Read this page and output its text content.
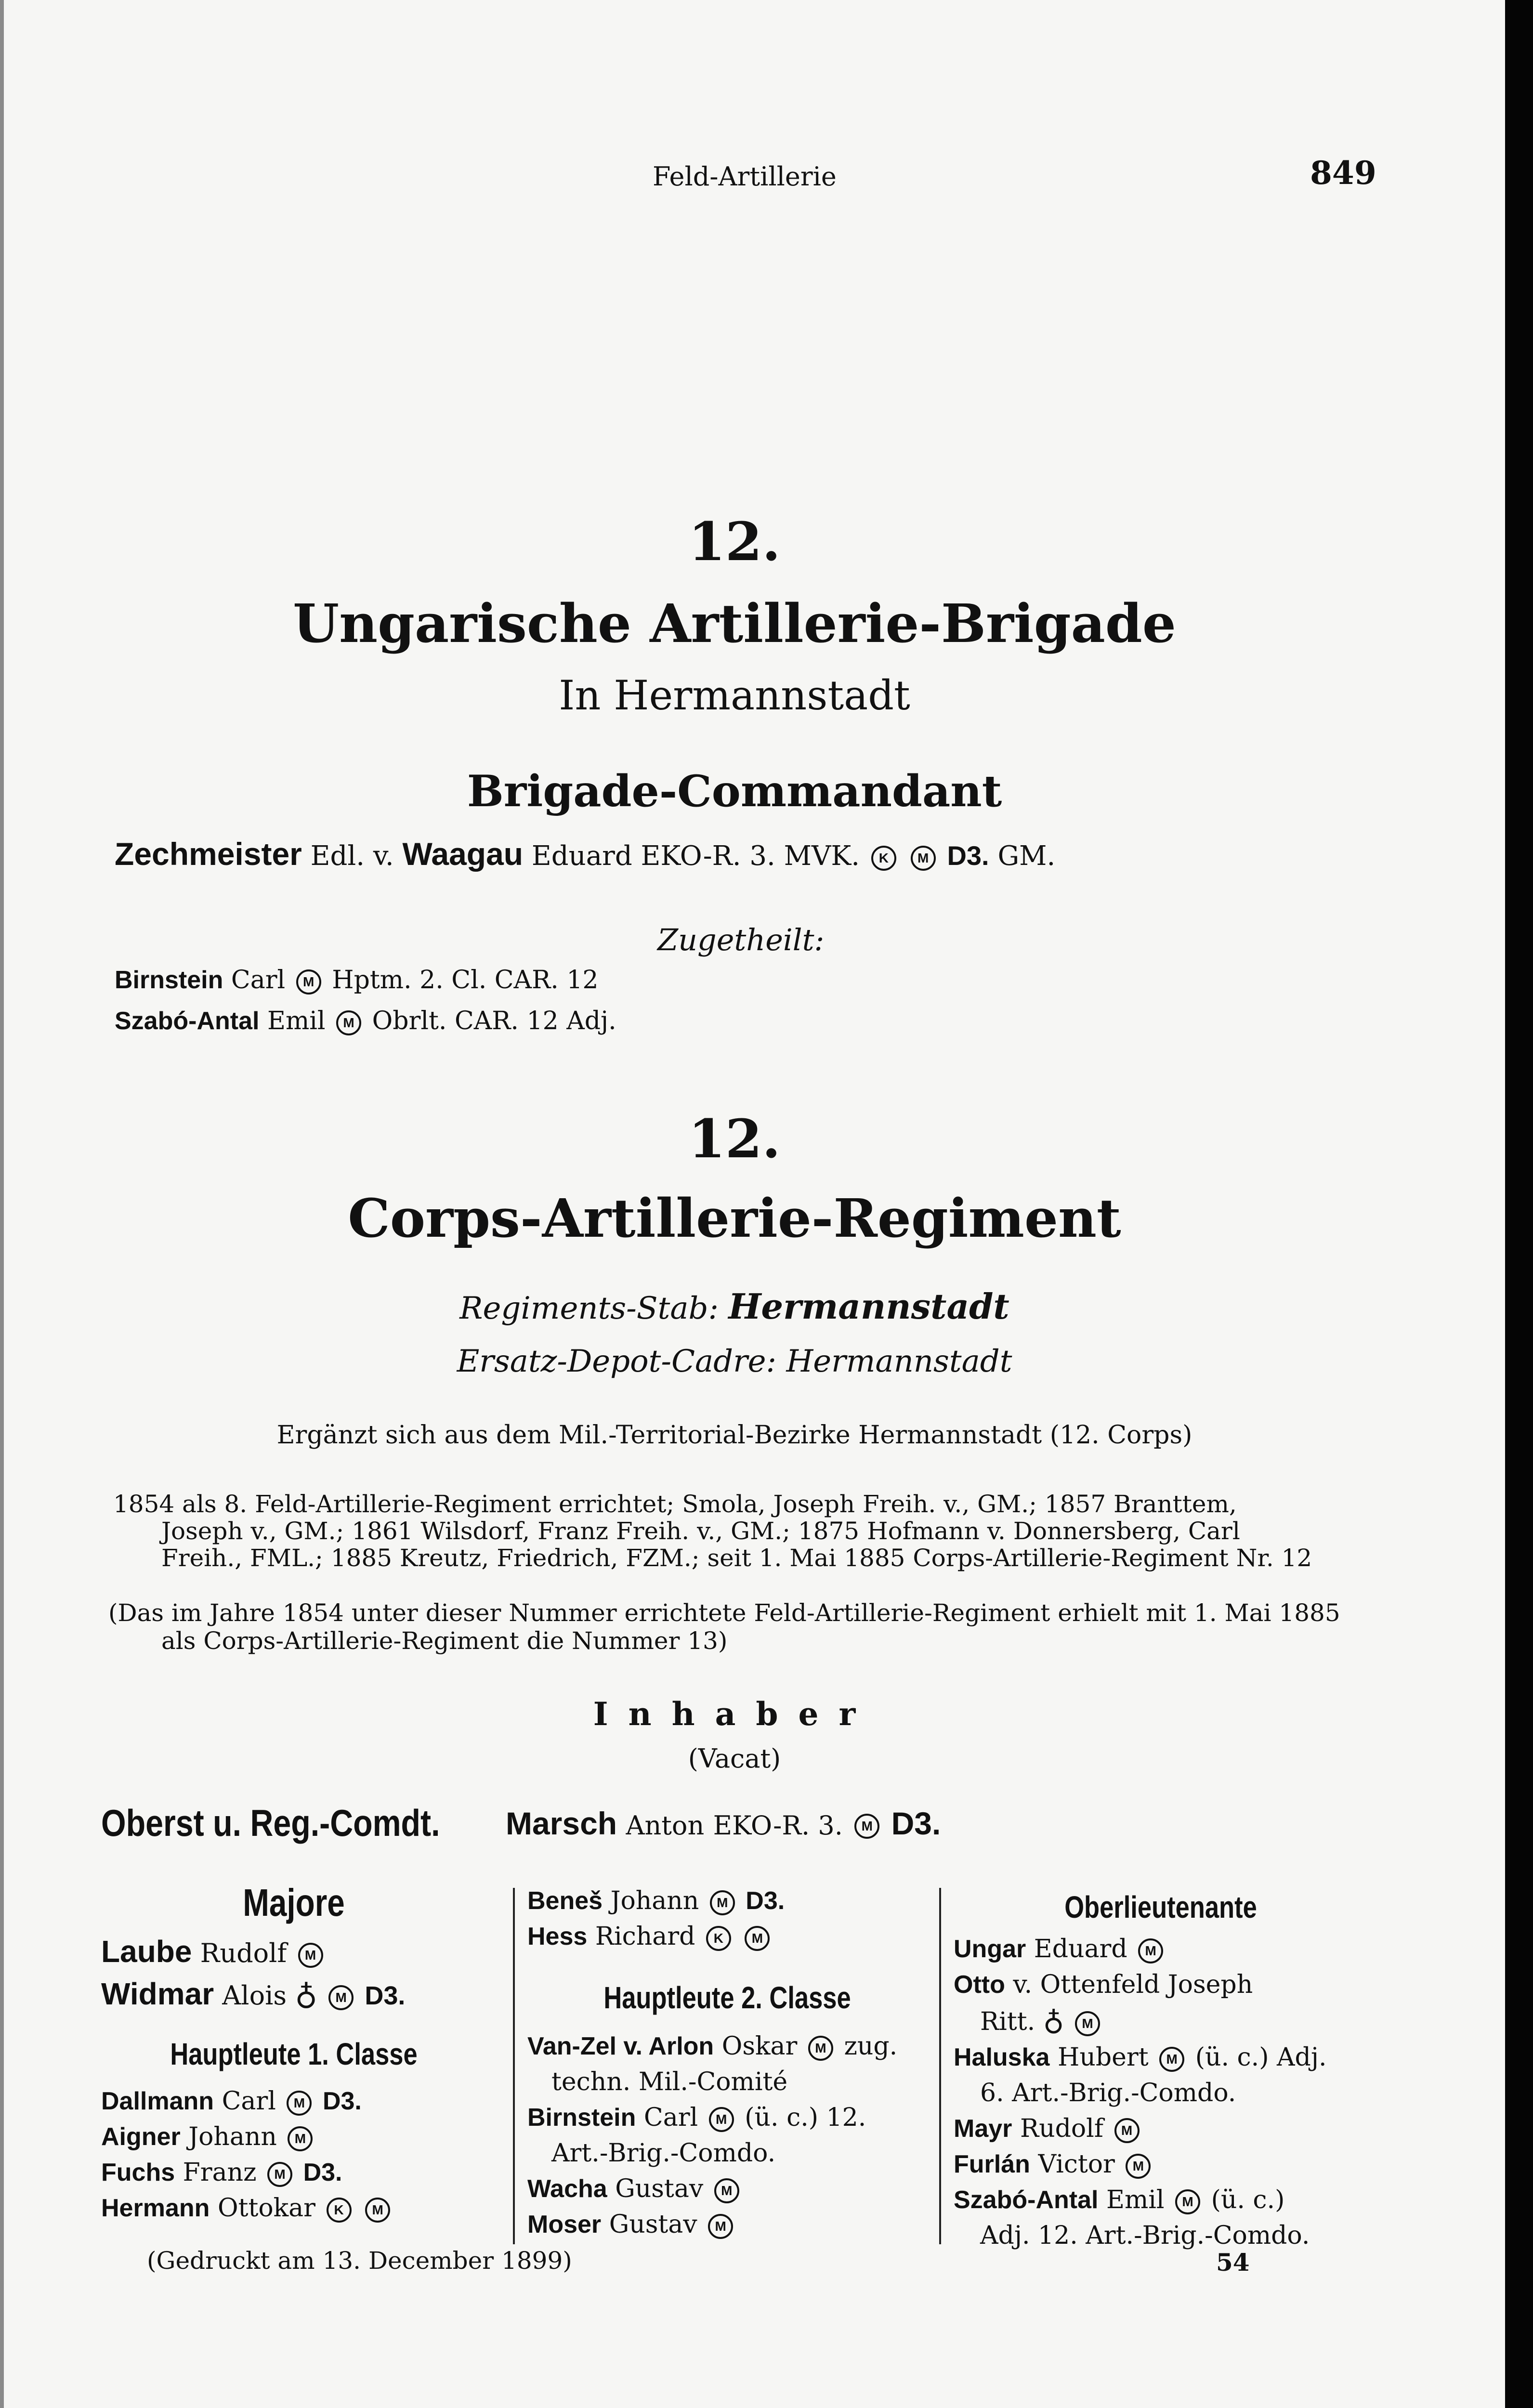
Feld-Artillerie	849
12.
Ungarische Artillerie-Brigade
In Hermannstadt
Brigade-Commandant
Zechmeister Edl. v. Waagau Eduard EKO-R. 3. MVK. K M D3. GM.
Zugetheilt:
Birnstein Carl M Hptm. 2. Cl. CAR. 12
Szabó-Antal Emil M Obrlt. CAR. 12 Adj.
12.
Corps-Artillerie-Regiment
Regiments-Stab: Hermannstadt
Ersatz-Depot-Cadre: Hermannstadt
Ergänzt sich aus dem Mil.-Territorial-Bezirke Hermannstadt (12. Corps)
1854 als 8. Feld-Artillerie-Regiment errichtet; Smola, Joseph Freih. v., GM.; 1857 Branttem,
Joseph v., GM.; 1861 Wilsdorf, Franz Freih. v., GM.; 1875 Hofmann v. Donnersberg, Carl
Freih., FML.; 1885 Kreutz, Friedrich, FZM.; seit 1. Mai 1885 Corps-Artillerie-Regiment Nr. 12
(Das im Jahre 1854 unter dieser Nummer errichtete Feld-Artillerie-Regiment erhielt mit 1. Mai 1885
als Corps-Artillerie-Regiment die Nummer 13)
Inhaber
(Vacat)
Oberst u. Reg.-Comdt. Marsch Anton EKO-R. 3. M D3.
Majore
Laube Rudolf M
Widmar Alois ♁ M D3.
Hauptleute 1. Classe
Dallmann Carl M D3.
Aigner Johann M
Fuchs Franz M D3.
Hermann Ottokar K M
Beneš Johann M D3.
Hess Richard K M
Hauptleute 2. Classe
Van-Zel v. Arlon Oskar M zug.
techn. Mil.-Comité
Birnstein Carl M (ü. c.) 12.
Art.-Brig.-Comdo.
Wacha Gustav M
Moser Gustav M
Oberlieutenante
Ungar Eduard M
Otto v. Ottenfeld Joseph
Ritt. ♁ M
Haluska Hubert M (ü. c.) Adj.
6. Art.-Brig.-Comdo.
Mayr Rudolf M
Furlán Victor M
Szabó-Antal Emil M (ü. c.)
Adj. 12. Art.-Brig.-Comdo.
(Gedruckt am 13. December 1899)	54
